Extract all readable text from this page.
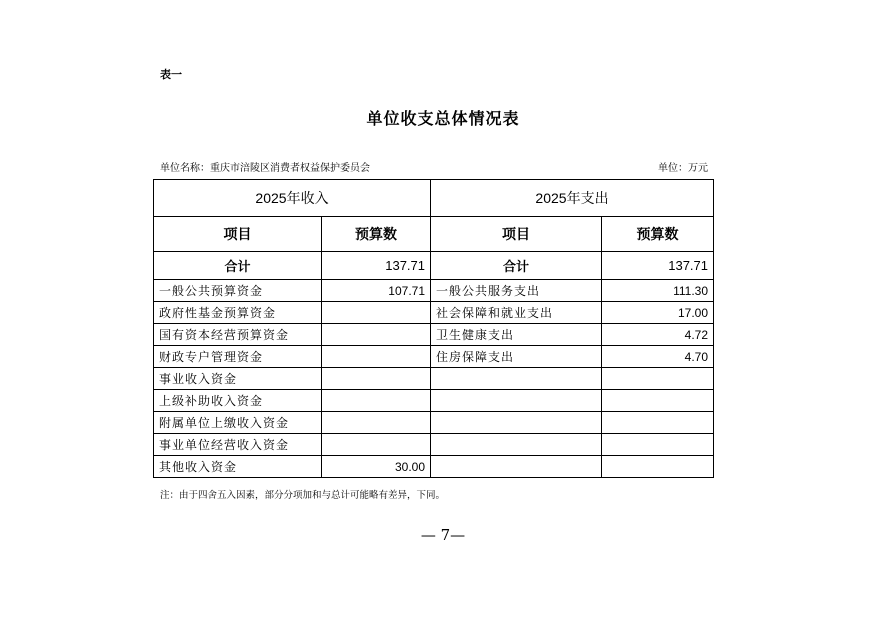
表一
单位收支总体情况表
单位名称：重庆市涪陵区消费者权益保护委员会	单位：万元
2025年收入		2025年支出	
项目	预算数	项目	预算数
合计	137.71	合计	137.71
一般公共预算资金	107.71	一般公共服务支出	111.30
政府性基金预算资金		社会保障和就业支出	17.00
国有资本经营预算资金		卫生健康支出	4.72
财政专户管理资金		住房保障支出	4.70
事业收入资金			
上级补助收入资金			
附属单位上缴收入资金			
事业单位经营收入资金			
其他收入资金	30.00		
注：由于四舍五入因素，部分分项加和与总计可能略有差异，下同。
— 7—
